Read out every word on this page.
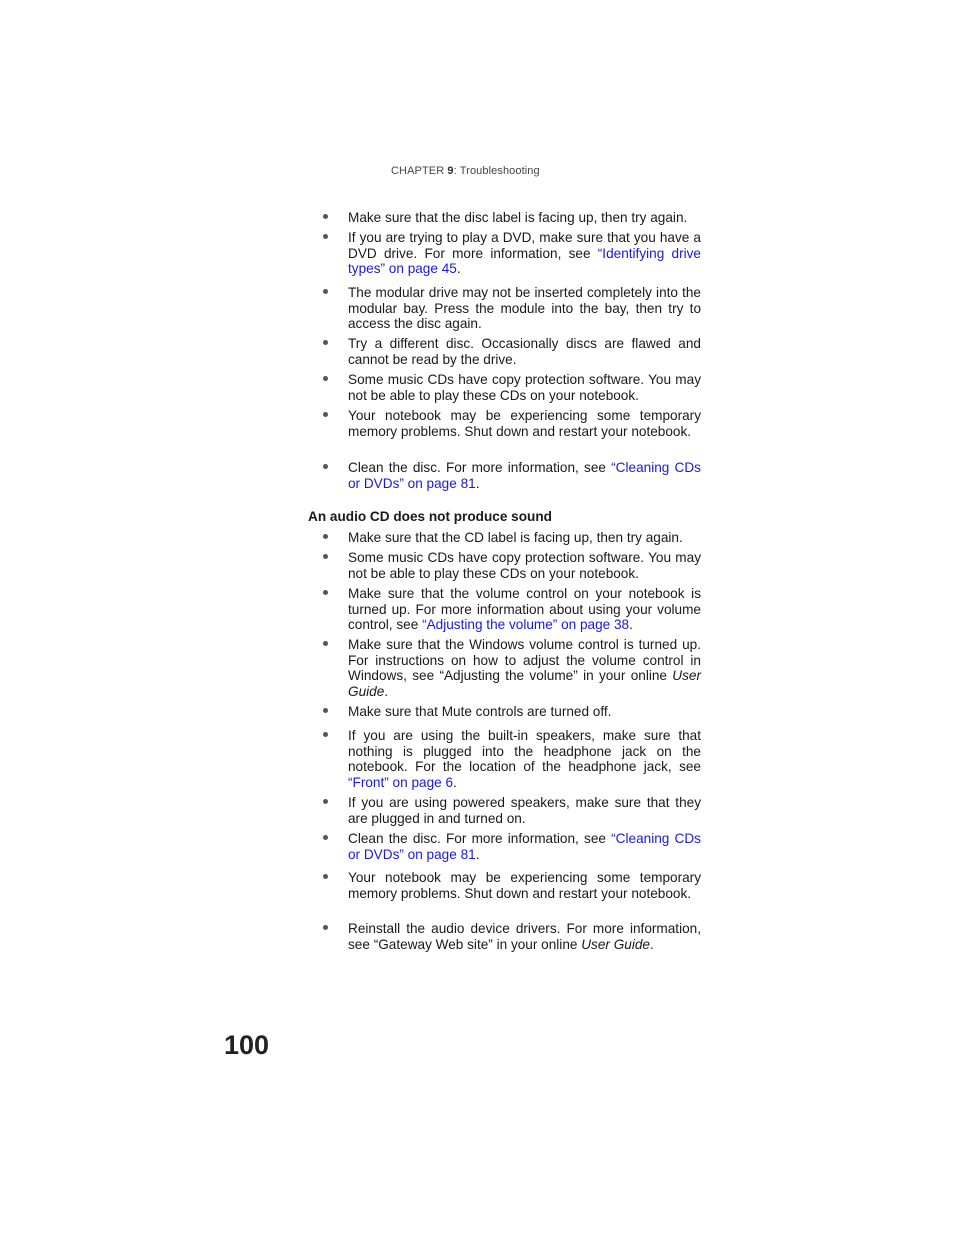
CHAPTER 9: Troubleshooting
Make sure that the disc label is facing up, then try again.
If you are trying to play a DVD, make sure that you have a DVD drive. For more information, see “Identifying drive types” on page 45.
The modular drive may not be inserted completely into the modular bay. Press the module into the bay, then try to access the disc again.
Try a different disc. Occasionally discs are flawed and cannot be read by the drive.
Some music CDs have copy protection software. You may not be able to play these CDs on your notebook.
Your notebook may be experiencing some temporary memory problems. Shut down and restart your notebook.
Clean the disc. For more information, see “Cleaning CDs or DVDs” on page 81.
An audio CD does not produce sound
Make sure that the CD label is facing up, then try again.
Some music CDs have copy protection software. You may not be able to play these CDs on your notebook.
Make sure that the volume control on your notebook is turned up. For more information about using your volume control, see “Adjusting the volume” on page 38.
Make sure that the Windows volume control is turned up. For instructions on how to adjust the volume control in Windows, see “Adjusting the volume” in your online User Guide.
Make sure that Mute controls are turned off.
If you are using the built-in speakers, make sure that nothing is plugged into the headphone jack on the notebook. For the location of the headphone jack, see “Front” on page 6.
If you are using powered speakers, make sure that they are plugged in and turned on.
Clean the disc. For more information, see “Cleaning CDs or DVDs” on page 81.
Your notebook may be experiencing some temporary memory problems. Shut down and restart your notebook.
Reinstall the audio device drivers. For more information, see “Gateway Web site” in your online User Guide.
100
